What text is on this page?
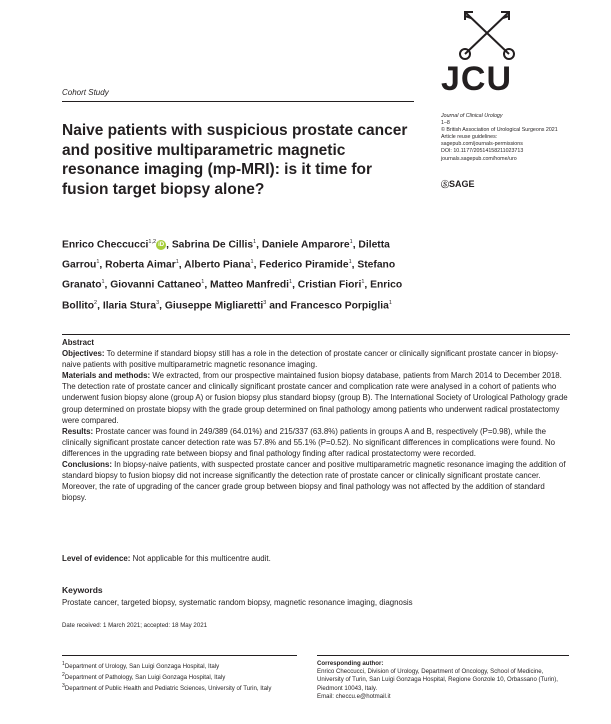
Cohort Study	JCU
Journal of Clinical Urology
1–8
© British Association of Urological Surgeons 2021
Article reuse guidelines:
sagepub.com/journals-permissions
DOI: 10.1177/20514158211023713
journals.sagepub.com/home/uro
ⓈSAGE
Naive patients with suspicious prostate cancer and positive multiparametric magnetic resonance imaging (mp-MRI): is it time for fusion target biopsy alone?
Enrico Checcucci$^{1,2}$ iD , Sabrina De Cillis$^1$, Daniele Amparore$^1$, Diletta Garrou$^1$, Roberta Aimar$^1$, Alberto Piana$^1$, Federico Piramide$^1$, Stefano Granato$^1$, Giovanni Cattaneo$^1$, Matteo Manfredi$^1$, Cristian Fiori$^1$, Enrico Bollito$^2$, Ilaria Stura$^3$, Giuseppe Migliaretti$^3$ and Francesco Porpiglia$^1$

Abstract

Objectives: To determine if standard biopsy still has a role in the detection of prostate cancer or clinically significant prostate cancer in biopsy-naive patients with positive multiparametric magnetic resonance imaging.

Materials and methods: We extracted, from our prospective maintained fusion biopsy database, patients from March 2014 to December 2018. The detection rate of prostate cancer and clinically significant prostate cancer and complication rate were analysed in a cohort of patients who underwent fusion biopsy alone (group A) or fusion biopsy plus standard biopsy (group B). The International Society of Urological Pathology grade group determined on prostate biopsy with the grade group determined on final pathology among patients who underwent radical prostatectomy were compared.

Results: Prostate cancer was found in 249/389 (64.01%) and 215/337 (63.8%) patients in groups A and B, respectively (P=0.98), while the clinically significant prostate cancer detection rate was 57.8% and 55.1% (P=0.52). No significant differences in complications were found. No differences in the upgrading rate between biopsy and final pathology finding after radical prostatectomy were recorded.

Conclusions: In biopsy-naive patients, with suspected prostate cancer and positive multiparametric magnetic resonance imaging the addition of standard biopsy to fusion biopsy did not increase significantly the detection rate of prostate cancer or clinically significant prostate cancer. Moreover, the rate of upgrading of the cancer grade group between biopsy and final pathology was not affected by the addition of standard biopsy.

Level of evidence: Not applicable for this multicentre audit.
Keywords
Prostate cancer, targeted biopsy, systematic random biopsy, magnetic resonance imaging, diagnosis
Date received: 1 March 2021; accepted: 18 May 2021
$^1$Department of Urology, San Luigi Gonzaga Hospital, Italy
$^2$Department of Pathology, San Luigi Gonzaga Hospital, Italy
$^3$Department of Public Health and Pediatric Sciences, University of Turin, Italy
Corresponding author:
Enrico Checcucci, Division of Urology, Department of Oncology, School of Medicine, University of Turin, San Luigi Gonzaga Hospital, Regione Gonzole 10, Orbassano (Turin), Piedmont 10043, Italy.
Email: checcu.e@hotmail.it
